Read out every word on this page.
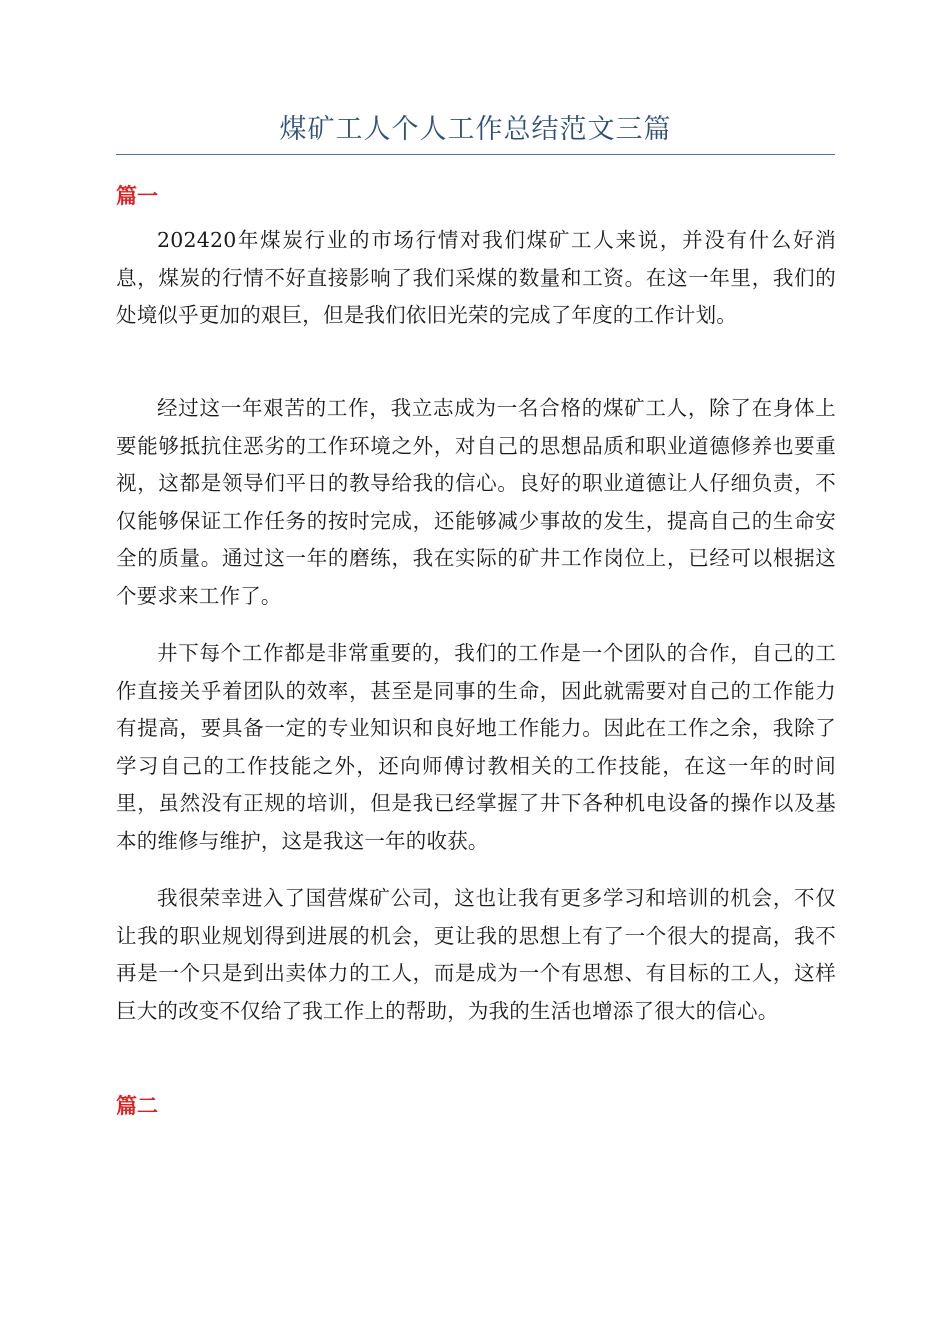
煤矿工人个人工作总结范文三篇
篇一

202420年煤炭行业的市场行情对我们煤矿工人来说，并没有什么好消息，煤炭的行情不好直接影响了我们采煤的数量和工资。在这一年里，我们的处境似乎更加的艰巨，但是我们依旧光荣的完成了年度的工作计划。

经过这一年艰苦的工作，我立志成为一名合格的煤矿工人，除了在身体上要能够抵抗住恶劣的工作环境之外，对自己的思想品质和职业道德修养也要重视，这都是领导们平日的教导给我的信心。良好的职业道德让人仔细负责，不仅能够保证工作任务的按时完成，还能够减少事故的发生，提高自己的生命安全的质量。通过这一年的磨练，我在实际的矿井工作岗位上，已经可以根据这个要求来工作了。

井下每个工作都是非常重要的，我们的工作是一个团队的合作，自己的工作直接关乎着团队的效率，甚至是同事的生命，因此就需要对自己的工作能力有提高，要具备一定的专业知识和良好地工作能力。因此在工作之余，我除了学习自己的工作技能之外，还向师傅讨教相关的工作技能，在这一年的时间里，虽然没有正规的培训，但是我已经掌握了井下各种机电设备的操作以及基本的维修与维护，这是我这一年的收获。

我很荣幸进入了国营煤矿公司，这也让我有更多学习和培训的机会，不仅让我的职业规划得到进展的机会，更让我的思想上有了一个很大的提高，我不再是一个只是到出卖体力的工人，而是成为一个有思想、有目标的工人，这样巨大的改变不仅给了我工作上的帮助，为我的生活也增添了很大的信心。

篇二
